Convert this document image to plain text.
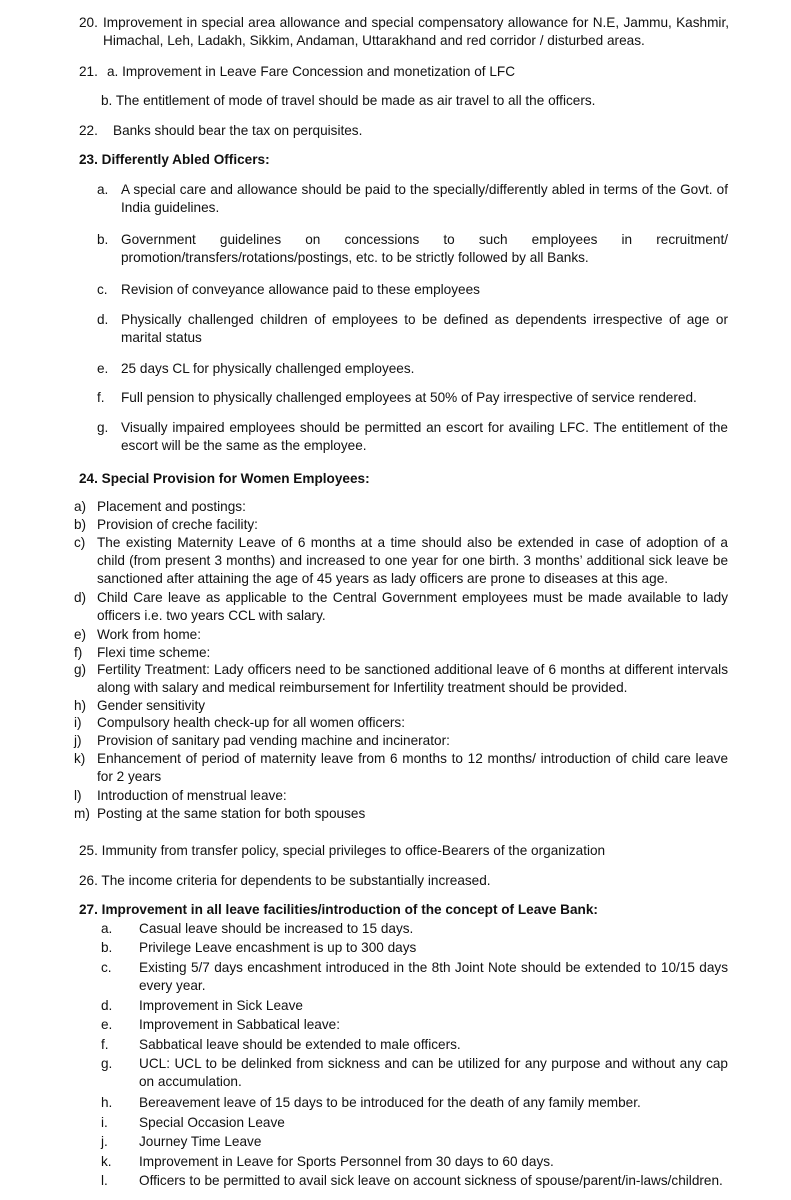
20. Improvement in special area allowance and special compensatory allowance for N.E, Jammu, Kashmir, Himachal, Leh, Ladakh, Sikkim, Andaman, Uttarakhand and red corridor / disturbed areas.
21. a. Improvement in Leave Fare Concession and monetization of LFC
b. The entitlement of mode of travel should be made as air travel to all the officers.
22.	Banks should bear the tax on perquisites.
23. Differently Abled Officers:
a. A special care and allowance should be paid to the specially/differently abled in terms of the Govt. of India guidelines.
b. Government guidelines on concessions to such employees in recruitment/ promotion/transfers/rotations/postings, etc. to be strictly followed by all Banks.
c. Revision of conveyance allowance paid to these employees
d. Physically challenged children of employees to be defined as dependents irrespective of age or marital status
e. 25 days CL for physically challenged employees.
f.	Full pension to physically challenged employees at 50% of Pay irrespective of service rendered.
g. Visually impaired employees should be permitted an escort for availing LFC. The entitlement of the escort will be the same as the employee.
24. Special Provision for Women Employees:
a) Placement and postings:
b) Provision of creche facility:
c) The existing Maternity Leave of 6 months at a time should also be extended in case of adoption of a child (from present 3 months) and increased to one year for one birth. 3 months’ additional sick leave be sanctioned after attaining the age of 45 years as lady officers are prone to diseases at this age.
d) Child Care leave as applicable to the Central Government employees must be made available to lady officers i.e. two years CCL with salary.
e) Work from home:
f)	Flexi time scheme:
g) Fertility Treatment: Lady officers need to be sanctioned additional leave of 6 months at different intervals along with salary and medical reimbursement for Infertility treatment should be provided.
h) Gender sensitivity
i)	Compulsory health check-up for all women officers:
j)	Provision of sanitary pad vending machine and incinerator:
k) Enhancement of period of maternity leave from 6 months to 12 months/ introduction of child care leave for 2 years
l)	Introduction of menstrual leave:
m) Posting at the same station for both spouses
25. Immunity from transfer policy, special privileges to office-Bearers of the organization
26. The income criteria for dependents to be substantially increased.
27. Improvement in all leave facilities/introduction of the concept of Leave Bank:
a.	Casual leave should be increased to 15 days.
b.	Privilege Leave encashment is up to 300 days
c.	Existing 5/7 days encashment introduced in the 8th Joint Note should be extended to 10/15 days every year.
d.	Improvement in Sick Leave
e.	Improvement in Sabbatical leave:
f.	Sabbatical leave should be extended to male officers.
g.	UCL: UCL to be delinked from sickness and can be utilized for any purpose and without any cap on accumulation.
h.	Bereavement leave of 15 days to be introduced for the death of any family member.
i.	Special Occasion Leave
j.	Journey Time Leave
k.	Improvement in Leave for Sports Personnel from 30 days to 60 days.
l.	Officers to be permitted to avail sick leave on account sickness of spouse/parent/in-laws/children.
